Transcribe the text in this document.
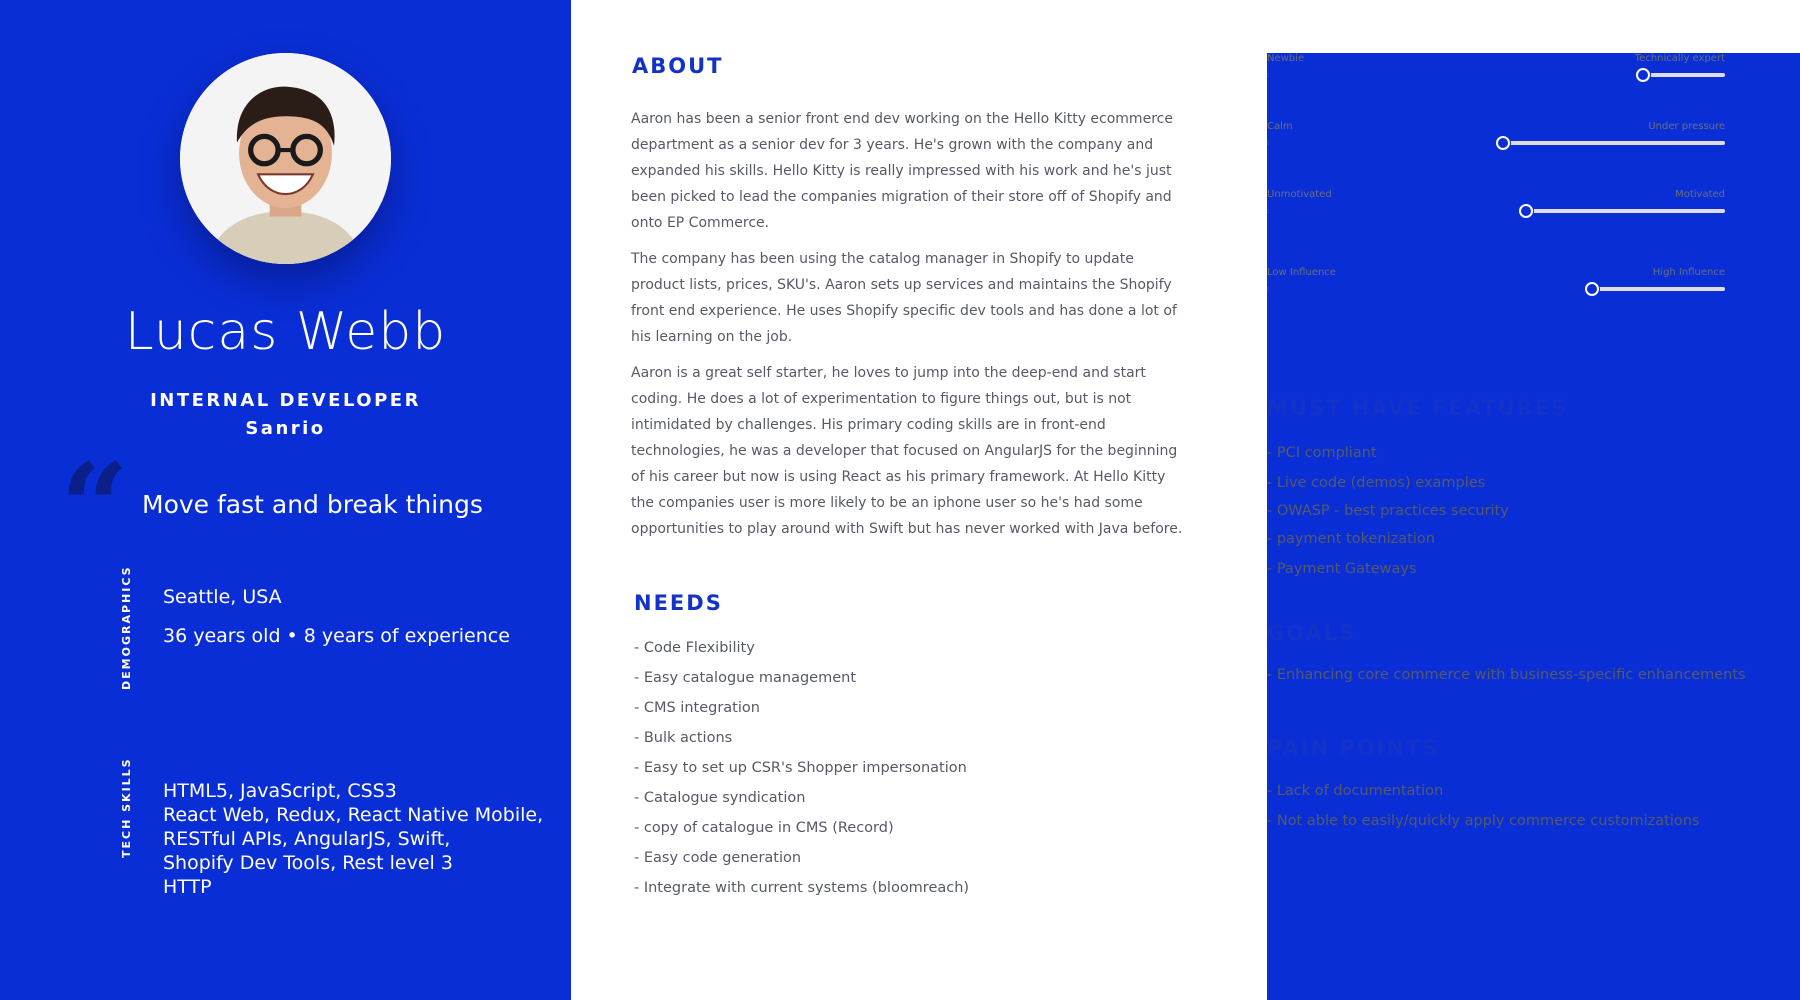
Lucas Webb
INTERNAL DEVELOPER
Sanrio
“ Move fast and break things
DEMOGRAPHICS Seattle, USA
36 years old • 8 years of experience
TECH SKILLS HTML5, JavaScript, CSS3
React Web, Redux, React Native Mobile,
RESTful APIs, AngularJS, Swift,
Shopify Dev Tools, Rest level 3
HTTP
ABOUT

Aaron has been a senior front end dev working on the Hello Kitty ecommerce department as a senior dev for 3 years. He's grown with the company and expanded his skills. Hello Kitty is really impressed with his work and he's just been picked to lead the companies migration of their store off of Shopify and onto EP Commerce.

The company has been using the catalog manager in Shopify to update product lists, prices, SKU's. Aaron sets up services and maintains the Shopify front end experience. He uses Shopify specific dev tools and has done a lot of his learning on the job.

Aaron is a great self starter, he loves to jump into the deep-end and start coding. He does a lot of experimentation to figure things out, but is not intimidated by challenges. His primary coding skills are in front-end technologies, he was a developer that focused on AngularJS for the beginning of his career but now is using React as his primary framework. At Hello Kitty the companies user is more likely to be an iphone user so he's had some opportunities to play around with Swift but has never worked with Java before.

NEEDS
- Code Flexibility
- Easy catalogue management
- CMS integration
- Bulk actions
- Easy to set up CSR's Shopper impersonation
- Catalogue syndication
- copy of catalogue in CMS (Record)
- Easy code generation
- Integrate with current systems (bloomreach)
Newbie	Technically expert
Calm	Under pressure
Unmotivated	Motivated
Low Influence	High Influence
MUST HAVE FEATURES
- PCI compliant
- Live code (demos) examples
- OWASP - best practices security
- payment tokenization
- Payment Gateways
GOALS
- Enhancing core commerce with business-specific enhancements
PAIN POINTS
- Lack of documentation
- Not able to easily/quickly apply commerce customizations
